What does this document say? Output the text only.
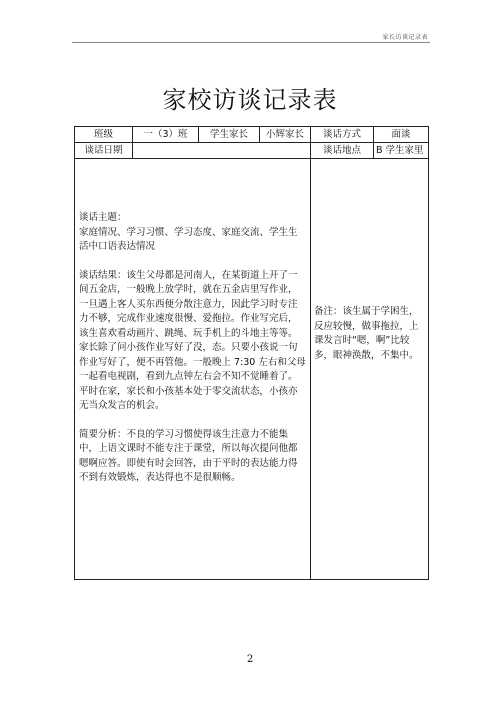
家长访谈记录表
家校访谈记录表
班级	一（3）班	学生家长	小辉家长	谈话方式	面谈
谈话日期				谈话地点	B 学生家里

谈话主题：
家庭情况、学习习惯、学习态度、家庭交流、学生生活中口语表达情况

谈话结果：该生父母都是河南人，在某街道上开了一间五金店，一般晚上放学时，就在五金店里写作业，一旦遇上客人买东西便分散注意力，因此学习时专注力不够，完成作业速度很慢、爱拖拉。作业写完后，该生喜欢看动画片、跳绳、玩手机上的斗地主等等。家长除了问小孩作业写好了没，态。只要小孩说一句作业写好了，便不再管他。一般晚上 7:30 左右和父母一起看电视剧，看到九点钟左右会不知不觉睡着了。平时在家，家长和小孩基本处于零交流状态，小孩亦无当众发言的机会。

简要分析：不良的学习习惯使得该生注意力不能集中，上语文课时不能专注于课堂，所以每次提问他都嗯啊应答。即使有时会回答，由于平时的表达能力得不到有效锻炼，表达得也不是很顺畅。				备注：该生属于学困生，反应较慢，做事拖拉，上课发言时“嗯，啊”比较多，眼神涣散，不集中。	
2
